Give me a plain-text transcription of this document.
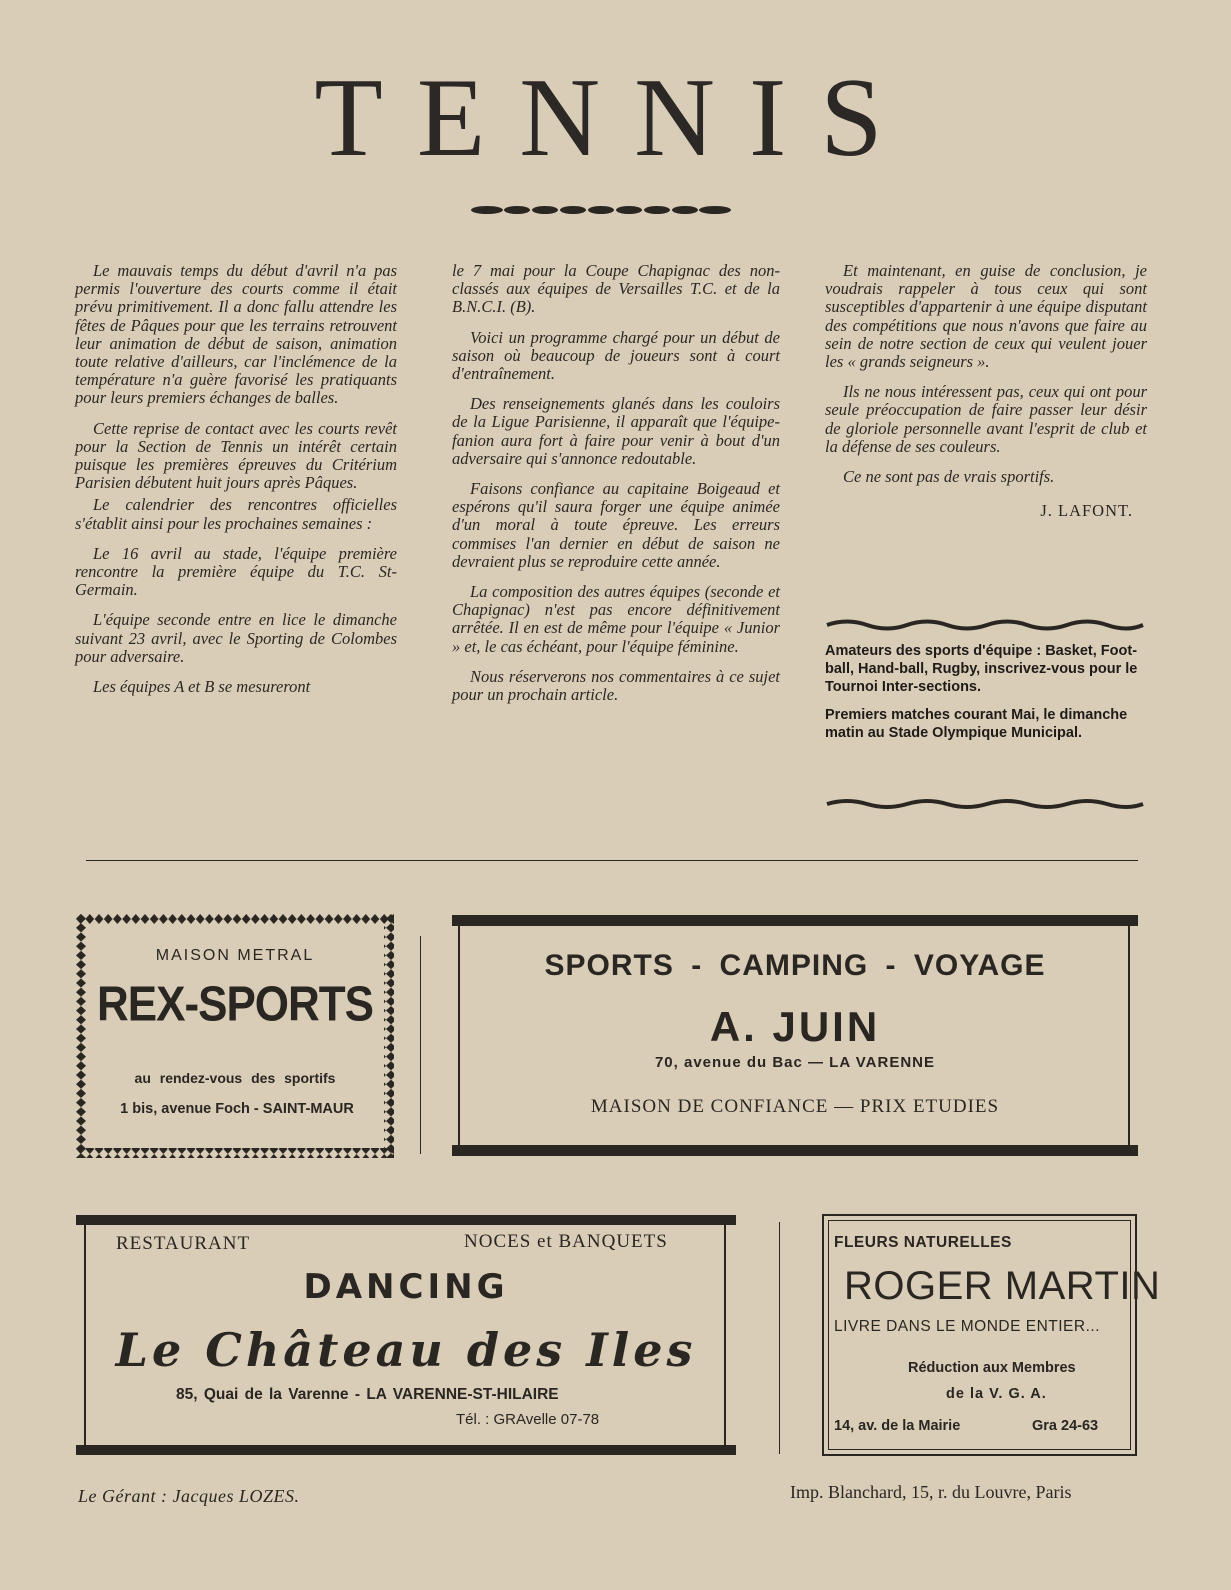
TENNIS

Le mauvais temps du début d'avril n'a pas permis l'ouverture des courts comme il était prévu primitivement. Il a donc fallu attendre les fêtes de Pâques pour que les terrains retrouvent leur animation de début de saison, animation toute relative d'ailleurs, car l'inclémence de la température n'a guère favorisé les pratiquants pour leurs premiers échanges de balles.

Cette reprise de contact avec les courts revêt pour la Section de Tennis un intérêt certain puisque les premières épreuves du Critérium Parisien débutent huit jours après Pâques.

Le calendrier des rencontres officielles s'établit ainsi pour les prochaines semaines :

Le 16 avril au stade, l'équipe première rencontre la première équipe du T.C. St-Germain.

L'équipe seconde entre en lice le dimanche suivant 23 avril, avec le Sporting de Colombes pour adversaire.

Les équipes A et B se mesureront

le 7 mai pour la Coupe Chapignac des non-classés aux équipes de Versailles T.C. et de la B.N.C.I. (B).

Voici un programme chargé pour un début de saison où beaucoup de joueurs sont à court d'entraînement.

Des renseignements glanés dans les couloirs de la Ligue Parisienne, il apparaît que l'équipe-fanion aura fort à faire pour venir à bout d'un adversaire qui s'annonce redoutable.

Faisons confiance au capitaine Boigeaud et espérons qu'il saura forger une équipe animée d'un moral à toute épreuve. Les erreurs commises l'an dernier en début de saison ne devraient plus se reproduire cette année.

La composition des autres équipes (seconde et Chapignac) n'est pas encore définitivement arrêtée. Il en est de même pour l'équipe « Junior » et, le cas échéant, pour l'équipe féminine.

Nous réserverons nos commentaires à ce sujet pour un prochain article.

Et maintenant, en guise de conclusion, je voudrais rappeler à tous ceux qui sont susceptibles d'appartenir à une équipe disputant des compétitions que nous n'avons que faire au sein de notre section de ceux qui veulent jouer les « grands seigneurs ».

Ils ne nous intéressent pas, ceux qui ont pour seule préoccupation de faire passer leur désir de gloriole personnelle avant l'esprit de club et la défense de ses couleurs.

Ce ne sont pas de vrais sportifs.

J. LAFONT.

Amateurs des sports d'équipe : Basket, Foot-ball, Hand-ball, Rugby, inscrivez-vous pour le Tournoi Inter-sections.

Premiers matches courant Mai, le dimanche matin au Stade Olympique Municipal.

MAISON METRAL
REX-SPORTS
au rendez-vous des sportifs
1 bis, avenue Foch - SAINT-MAUR
SPORTS - CAMPING - VOYAGE
A. JUIN
70, avenue du Bac — LA VARENNE
MAISON DE CONFIANCE — PRIX ETUDIES
RESTAURANT	NOCES et BANQUETS
DANCING
Le Château des Iles
85, Quai de la Varenne - LA VARENNE-ST-HILAIRE
Tél. : GRAvelle 07-78
FLEURS NATURELLES
ROGER MARTIN
LIVRE DANS LE MONDE ENTIER...
Réduction aux Membres
de la V. G. A.
14, av. de la Mairie	Gra 24-63
Le Gérant : Jacques LOZES.	Imp. Blanchard, 15, r. du Louvre, Paris
